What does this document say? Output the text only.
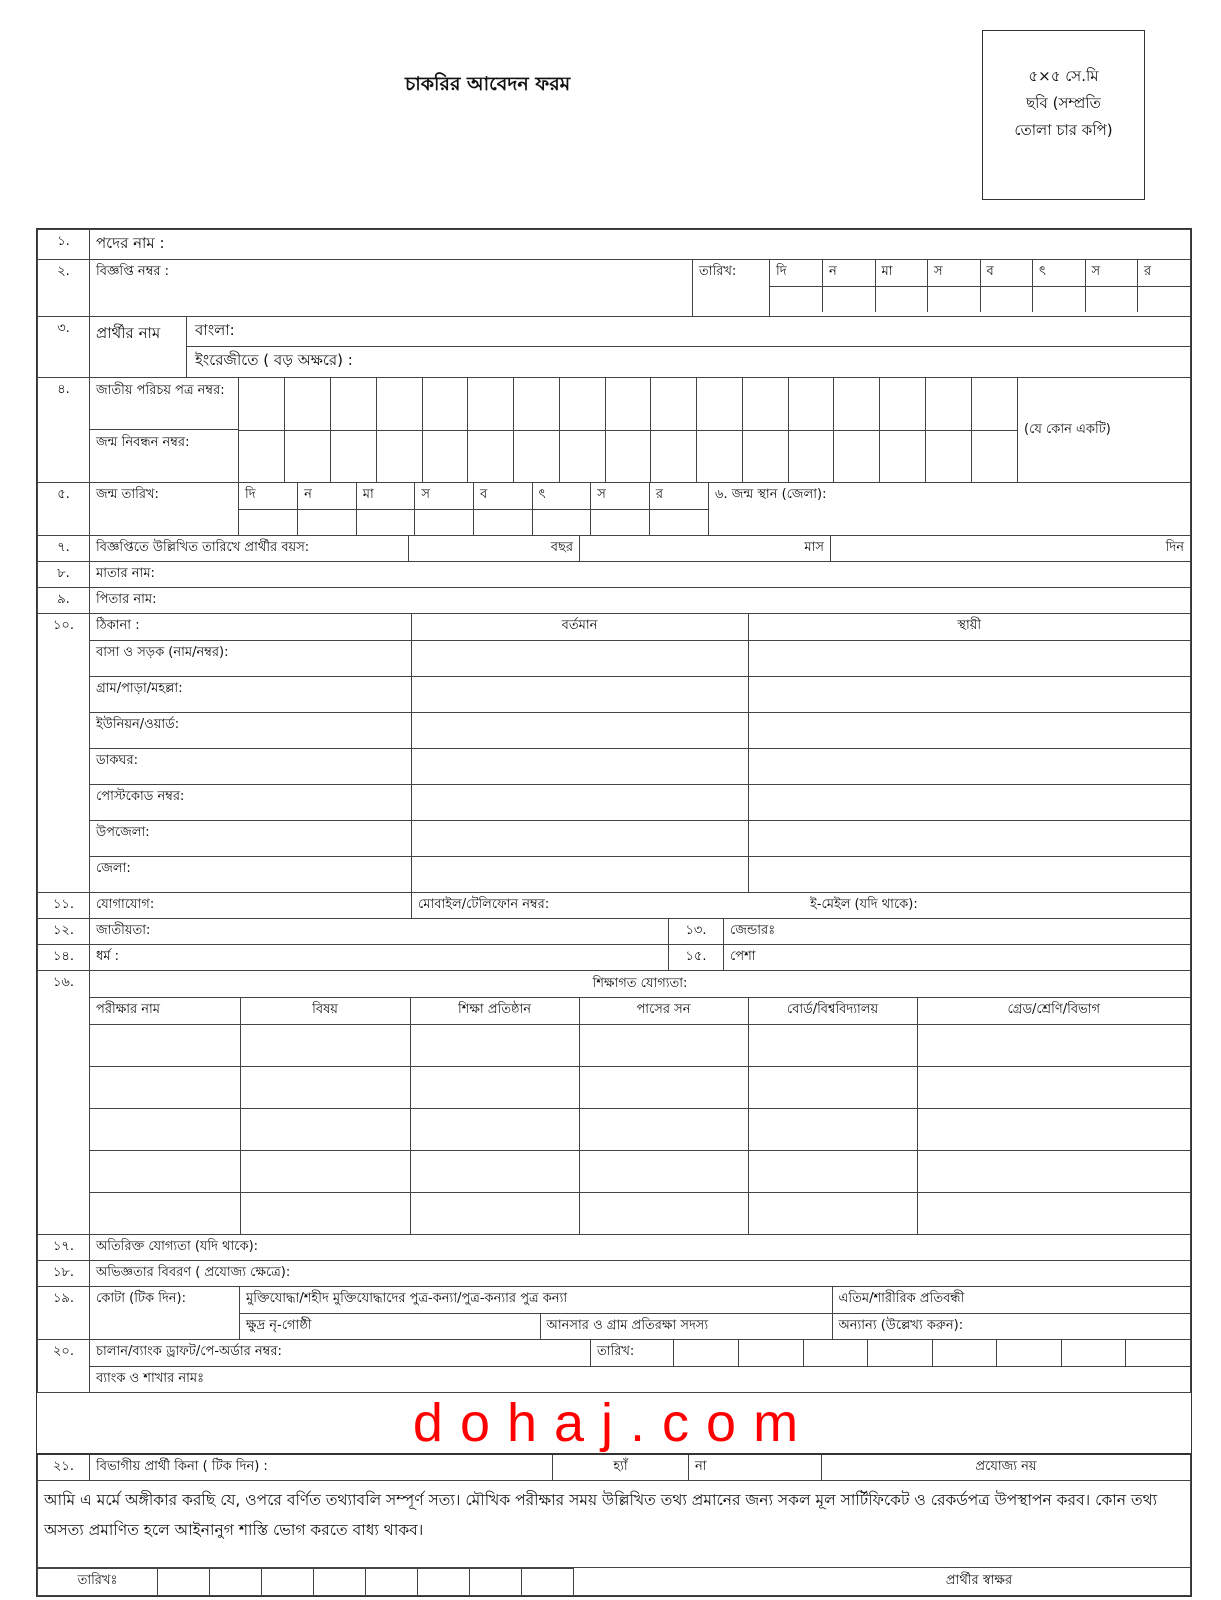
চাকরির আবেদন ফরম	৫×৫ সে.মি
ছবি (সম্প্রতি
তোলা চার কপি)
১.	পদের নাম :
২.	বিজ্ঞপ্তি নম্বর :	তারিখ:		দি	ন	মা	স	ব	ৎ	স	র

৩.	প্রার্থীর নাম	বাংলা:
ইংরেজীতে ( বড় অক্ষরে) :

৪.		জাতীয় পরিচয় পত্র নম্বর:
জন্ম নিবন্ধন নম্বর:

	(যে কোন একটি)

৫.	জন্ম তারিখ:		দি	ন	মা	স	ব	ৎ	স	র

		৬. জন্ম স্থান (জেলা):

৭.	বিজ্ঞপ্তিতে উল্লিখিত তারিখে প্রার্থীর বয়স:	বছর	মাস	দিন

৮.	মাতার নাম:
৯.	পিতার নাম:
১০.	ঠিকানা :	বর্তমান	স্থায়ী
বাসা ও সড়ক (নাম/নম্বর):		
গ্রাম/পাড়া/মহল্লা:		
ইউনিয়ন/ওয়ার্ড:		
ডাকঘর:		
পোস্টকোড নম্বর:		
উপজেলা:		
জেলা:		

১১.	যোগাযোগ:	মোবাইল/টেলিফোন নম্বর:	ই-মেইল (যদি থাকে):

১২.	জাতীয়তা:	১৩.	জেন্ডারঃ

১৪.	ধর্ম :	১৫.	পেশা

১৬.	শিক্ষাগত যোগ্যতা:
পরীক্ষার নাম	বিষয়	শিক্ষা প্রতিষ্ঠান	পাসের সন	বোর্ড/বিশ্ববিদ্যালয়	গ্রেড/শ্রেণি/বিভাগ

১৭.	অতিরিক্ত যোগ্যতা (যদি থাকে):
১৮.	অভিজ্ঞতার বিবরণ ( প্রযোজ্য ক্ষেত্রে):
১৯.	কোটা (টিক দিন):		মুক্তিযোদ্ধা/শহীদ মুক্তিযোদ্ধাদের পুত্র-কন্যা/পুত্র-কন্যার পুত্র কন্যা	এতিম/শারীরিক প্রতিবন্ধী
ক্ষুদ্র নৃ-গোষ্ঠী	আনসার ও গ্রাম প্রতিরক্ষা সদস্য	অন্যান্য (উল্লেখ্য করুন):

২০.	চালান/ব্যাংক ড্রাফট/পে-অর্ডার নম্বর:	তারিখ:	

	ব্যাংক ও শাখার নামঃ
dohaj.com
২১.	বিভাগীয় প্রার্থী কিনা ( টিক দিন) :	হ্যাঁ	না	প্রযোজ্য নয়

আমি এ মর্মে অঙ্গীকার করছি যে, ওপরে বর্ণিত তথ্যাবলি সম্পূর্ণ সত্য। মৌখিক পরীক্ষার সময় উল্লিখিত তথ্য প্রমানের জন্য সকল মূল সার্টিফিকেট ও রেকর্ডপত্র উপস্থাপন করব। কোন তথ্য অসত্য প্রমাণিত হলে আইনানুগ শাস্তি ভোগ করতে বাধ্য থাকব।

তারিখঃ									প্রার্থীর স্বাক্ষর
